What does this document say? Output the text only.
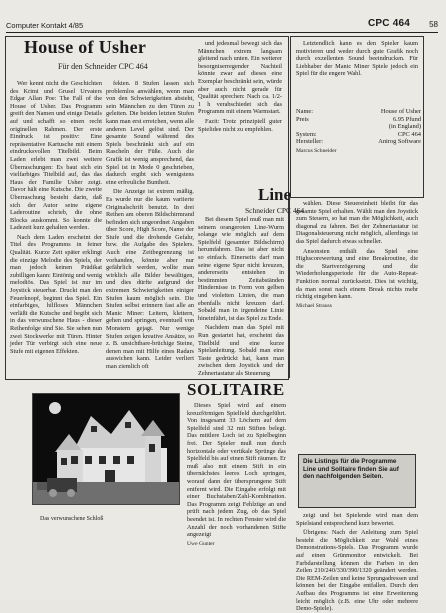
Computer Kontakt 4/85	CPC 464 58
House of Usher
Für den Schneider CPC 464

Wer kennt nicht die Geschichten des Krimi und Grusel Urvaters Edgar Allan Poe: The Fall of the House of Usher. Das Programm greift den Namen und einige Details auf und schafft so einen recht originellen Rahmen. Der erste Eindruck ist positiv: Eine repräsentative Kartusche mit einem eindrucksvollen Titelbild. Beim Laden erlebt man zwei weitere Überraschungen: Es baut sich ein vielfarbiges Titelbild auf, das das Haus der Familie Usher zeigt. Davor hält eine Kutsche. Die zweite Überraschung besteht darin, daß sich der Autor seine eigene Laderoutine schrieb, die ohne Blocks auskommt. So konnte die Ladezeit kurz gehalten werden.

Nach dem Laden erscheint der Titel des Programms in feiner Qualität. Kurze Zeit später erklingt die einzige Melodie des Spiels, der man jedoch keinen Prädikat zubilligen kann: Eintönig und wenig melodiös. Das Spiel ist nur im Joystick steuerbar. Druckt man den Feuerknopf, beginnt das Spiel. Ein einfarbiges, hilfloses Männchen verläßt die Kutsche und begibt sich in das verwunschene Haus - dieser Reihenfolge sind Sie. Sie sehen nun zwei Stockwerke mit Türen. Hinter jeder Tür verbirgt sich eine neue Stufe mit eigenen Effekten.

fekten. 8 Stufen lassen sich problemlos anwählen, wenn man von den Schwierigkeiten absieht, sein Männchen zu den Türen zu geleiten. Die beiden letzten Stufen kann man erst erreichen, wenn alle anderen Level gelöst sind. Der gesamte Sound während des Spiels beschränkt sich auf ein Rascheln der Füße. Auch die Grafik ist wenig ansprechend, das Spiel ist in Mode 0 geschrieben, dadurch ergibt sich wenigstens eine erfreuliche Buntheit.

Die Anzeige ist extrem mäßig. Es wurde nur die kaum variierte Originalschrift benutzt. In drei Reihen am oberen Bildschirmrand befinden sich ungeordnet Angaben über Score, High Score, Name der Stufe und die drohende Gefahr, bzw. die Aufgabe des Spielers. Auch eine Zeitbegrenzung ist vorhanden, könnte aber nur gefährlich werden, wollte man wirklich alle Bilder bewältigen, und dies dürfte aufgrund der extremen Schwierigkeiten einiger Stufen kaum möglich sein. Die Stufen selbst erinnern fast alle an Manic Miner: Leitern, klettern, gehen und springen, eventuell von Monstern gejagt. Nur wenige Stufen zeigen kreative Ansätze, so z. B. unsichtbare-brüchige Steine, denen man mit Hilfe eines Radars auswichen kann. Leider verliert man ziemlich oft

und jedesmal bewegt sich das Männchen extrem langsam gleitend nach unten. Ein weiterer besorgniserregender Nachteil könnte zwar auf dieses eine Exemplar beschränkt sein, würde aber auch nicht gerade für Qualität sprechen: Nach ca. 1/2-1 h verabschiedet sich das Programm mit einem Warmstart.

Fazit: Trotz prinzipiell guter Spielidee nicht zu empfehlen.

Letztendlich kann es den Spieler kaum motivieren und weder durch gute Grafik noch durch exzellenten Sound beeindrucken. Für Liebhaber der Manic Miner Spiele jedoch ein Spiel für die engere Wahl.

Name:	House of Usher
Preis	6.95 Pfund
(in England)
System:	CPC 464
Hersteller:	Anirog Software
Marcus Schneider
Line
Schneider CPC 464

Bei diesem Spiel muß man mit seinem orangeroten Line-Wurm solange wie möglich auf dem Spielfeld (gesamter Bildschirm) herumfahren. Das ist aber nicht so einfach. Einerseits darf man seine eigene Spur nicht kreuzen, andererseits entstehen in bestimmten Zeitabständen Hindernisse in Form von gelben und violetten Linien, die man ebenfalls nicht kreuzen darf. Sobald man in irgendeine Linie hineinfährt, ist das Spiel zu Ende.

Nachdem man das Spiel mit Run gestartet hat, erscheint das Titelbild und eine kurze Spielanleitung. Sobald man eine Taste gedrückt hat, kann man zwischen dem Joystick und der Zehnertastatur als Steuerung

wählen. Diese Steuereinheit bleibt für das gesamte Spiel erhalten. Wählt man den Joystick zum Steuern, so hat man die Möglichkeit, auch diagonal zu fahren. Bei der Zehnertastatur ist Diagonalsteuerung nicht möglich, allerdings ist das Spiel dadurch etwas schneller.

Ansonsten enthält das Spiel eine Highscorewertung und eine Breakroutine, die die Startverzögerung und die Wiederholungsperiode für die Auto-Repeat-Funktion normal zurücksetzt. Dies ist wichtig, da man sonst nach einem Break nichts mehr richtig eingeben kann.

Michael Strauss
Die Listings für die Programme Line und Solitaire finden Sie auf den nachfolgenden Seiten.
Das verwunschene Schloß
SOLITAIRE

Dieses Spiel wird auf einem kreuzförmigen Spielfeld durchgeführt. Von insgesamt 33 Löchern auf dem Spielfeld sind 32 mit Stiften belegt. Das mittlere Loch ist zu Spielbeginn frei. Der Spieler muß nun durch horizontale oder vertikale Sprünge das Spielfeld bis auf einen Stift räumen. Er muß also mit einem Stift in ein übernächstes leeres Loch springen, worauf dann der übersprungene Stift entfernt wird. Die Eingabe erfolgt mit einer Buchstaben/Zahl-Kombination. Das Programm zeigt Fehlzüge an und prüft nach jedem Zug, ob das Spiel beendet ist. In rechten Fenster wird die Anzahl der noch vorhandenen Stifte angezeigt

Uwe Gunter

zeigt und bei Spielende wird man dem Spielstand entsprechend kurz bewertet.

Übrigens: Nach der Anleitung zum Spiel besteht die Möglichkeit zur Wahl eines Demonstrations-Spiels. Das Programm wurde auf einen Grünmonitor entwickelt. Bei Farbdarstellung können die Farben in den Zeilen 210/240/330/390/1320 geändert werden. Die REM-Zeilen und keine Sprungadressen und können bei der Eingabe entfallen. Durch den Aufbau des Programms ist eine Erweiterung leicht möglich (z.B. eine Uhr oder mehrere Demo-Spiele).
